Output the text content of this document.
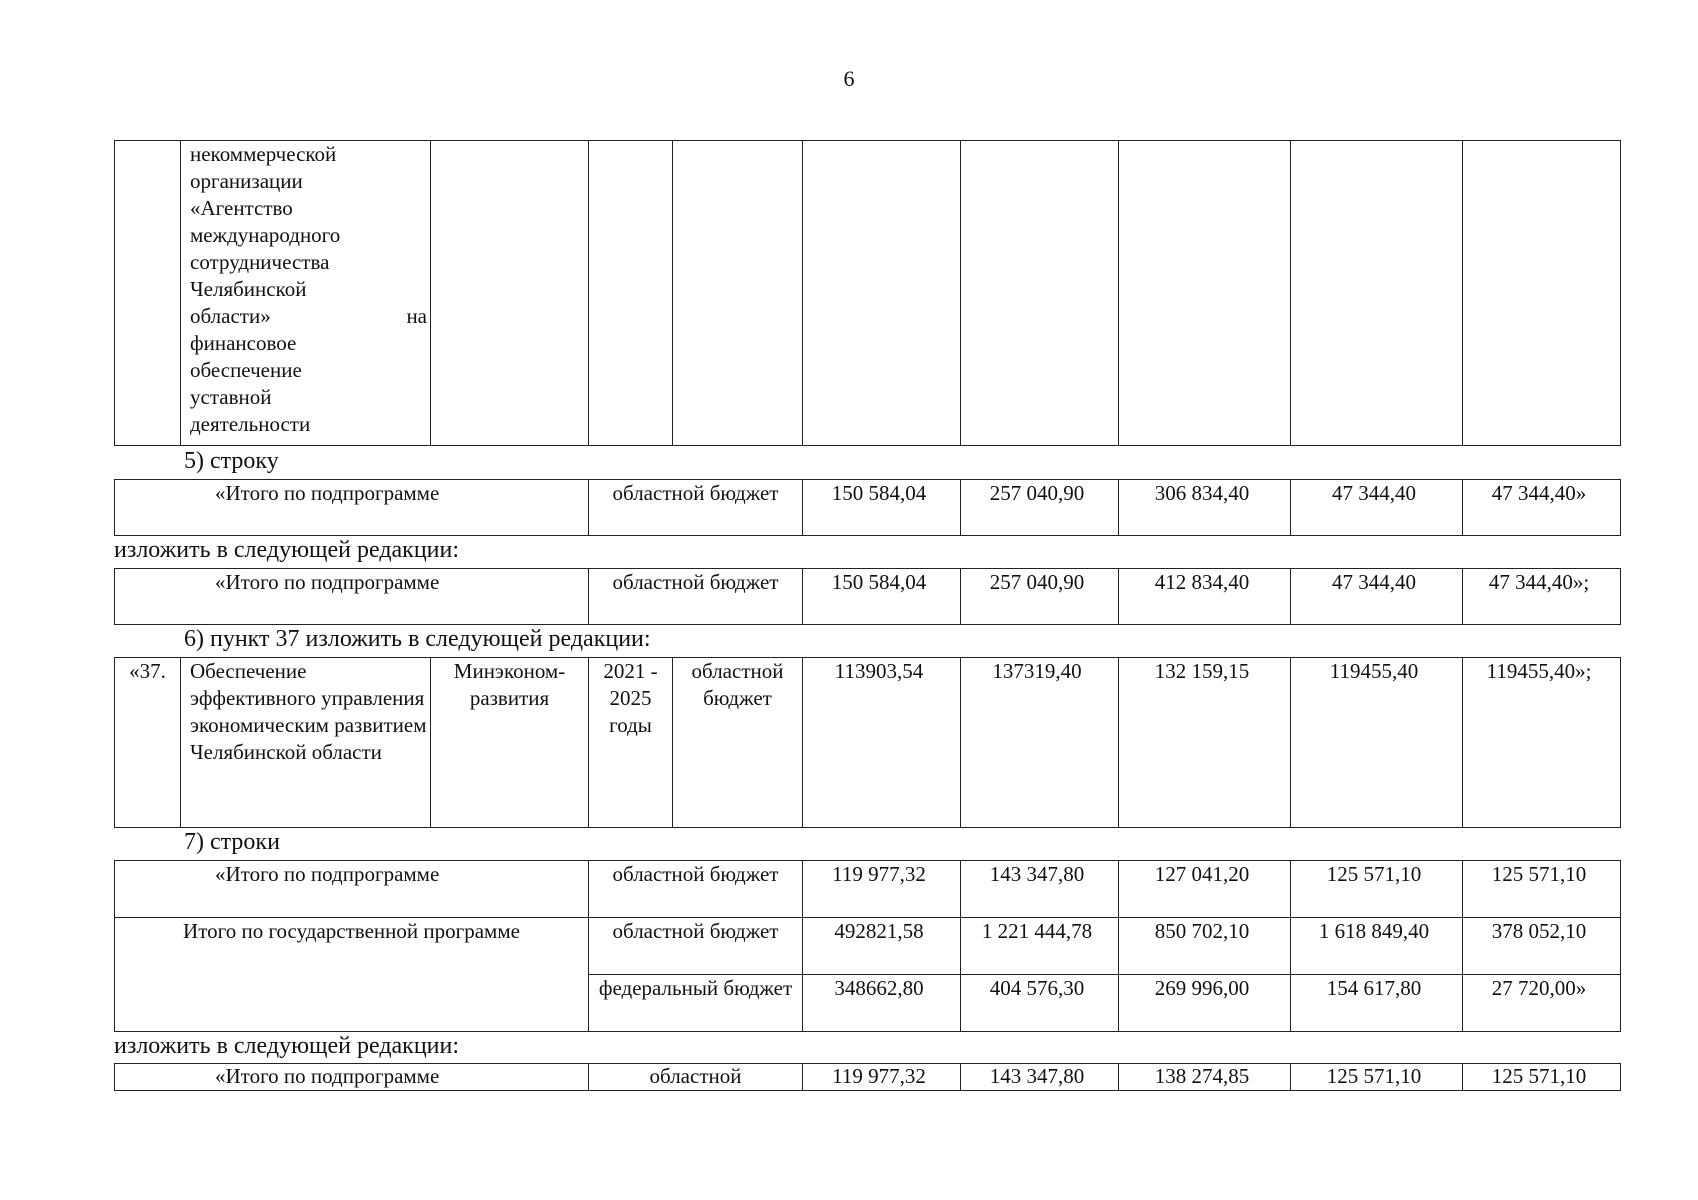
6

некоммерческой
организации
«Агентство
международного
сотрудничества
Челябинской
области»	на
финансовое
обеспечение
уставной
деятельности

5) строку
«Итого по подпрограмме	областной бюджет	150 584,04	257 040,90	306 834,40	47 344,40	47 344,40»
изложить в следующей редакции:
«Итого по подпрограмме	областной бюджет	150 584,04	257 040,90	412 834,40	47 344,40	47 344,40»;
6) пункт 37 изложить в следующей редакции:
«37.	Обеспечение эффективного управления экономическим развитием Челябинской области	Минэконом-развития	2021 - 2025 годы	областной бюджет	113903,54	137319,40	132 159,15	119455,40	119455,40»;
7) строки
«Итого по подпрограмме	областной бюджет	119 977,32	143 347,80	127 041,20	125 571,10	125 571,10
Итого по государственной программе	областной бюджет	492821,58	1 221 444,78	850 702,10	1 618 849,40	378 052,10
	федеральный бюджет	348662,80	404 576,30	269 996,00	154 617,80	27 720,00»
изложить в следующей редакции:
«Итого по подпрограмме	областной	119 977,32	143 347,80	138 274,85	125 571,10	125 571,10
